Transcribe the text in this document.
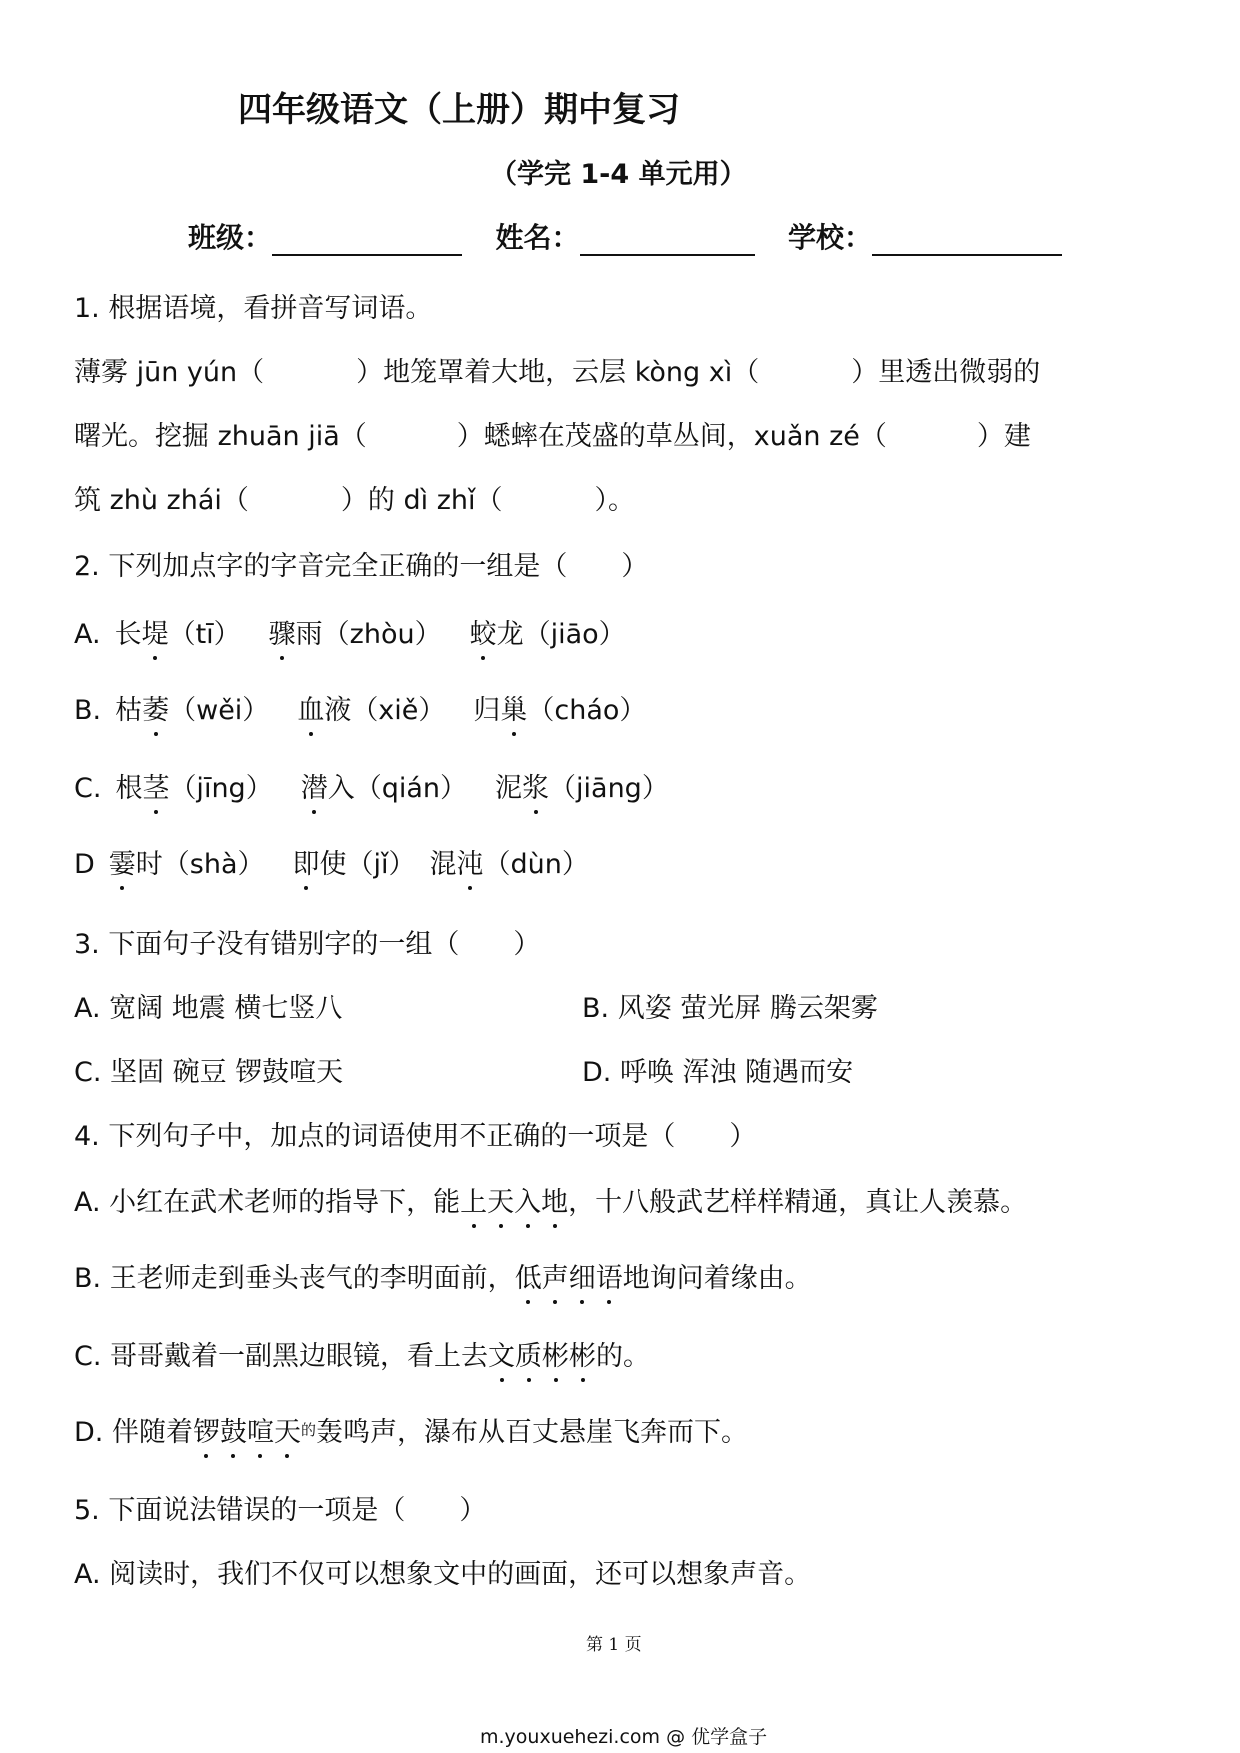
四年级语文（上册）期中复习
（学完 1-4 单元用）
班级：	姓名：	学校：
1. 根据语境，看拼音写词语。
薄雾 jūn yún（	）地笼罩着大地，云层 kòng xì（	）里透出微弱的
曙光。挖掘 zhuān jiā（	）蟋蟀在茂盛的草丛间，xuǎn zé（	）建
筑 zhù zhái（	）的 dì zhǐ（	）。
2. 下列加点字的字音完全正确的一组是（　　）
A. 长堤（tī） 骤雨（zhòu） 蛟龙（jiāo）
B. 枯萎（wěi） 血液（xiě） 归巢（cháo）
C. 根茎（jīng） 潜入（qián） 泥浆（jiāng）
D 霎时（shà） 即使（jǐ） 混沌（dùn）
3. 下面句子没有错别字的一组（　　）
A. 宽阔 地震 横七竖八	B. 风姿 萤光屏 腾云架雾
C. 坚固 碗豆 锣鼓喧天	D. 呼唤 浑浊 随遇而安
4. 下列句子中，加点的词语使用不正确的一项是（　　）
A. 小红在武术老师的指导下，能上天入地，十八般武艺样样精通，真让人羡慕。
B. 王老师走到垂头丧气的李明面前，低声细语地询问着缘由。
C. 哥哥戴着一副黑边眼镜，看上去文质彬彬的。
D. 伴随着锣鼓喧天$^的$轰鸣声，瀑布从百丈悬崖飞奔而下。
5. 下面说法错误的一项是（　　）
A. 阅读时，我们不仅可以想象文中的画面，还可以想象声音。
第 1 页
m.youxuehezi.com @ 优学盒子
